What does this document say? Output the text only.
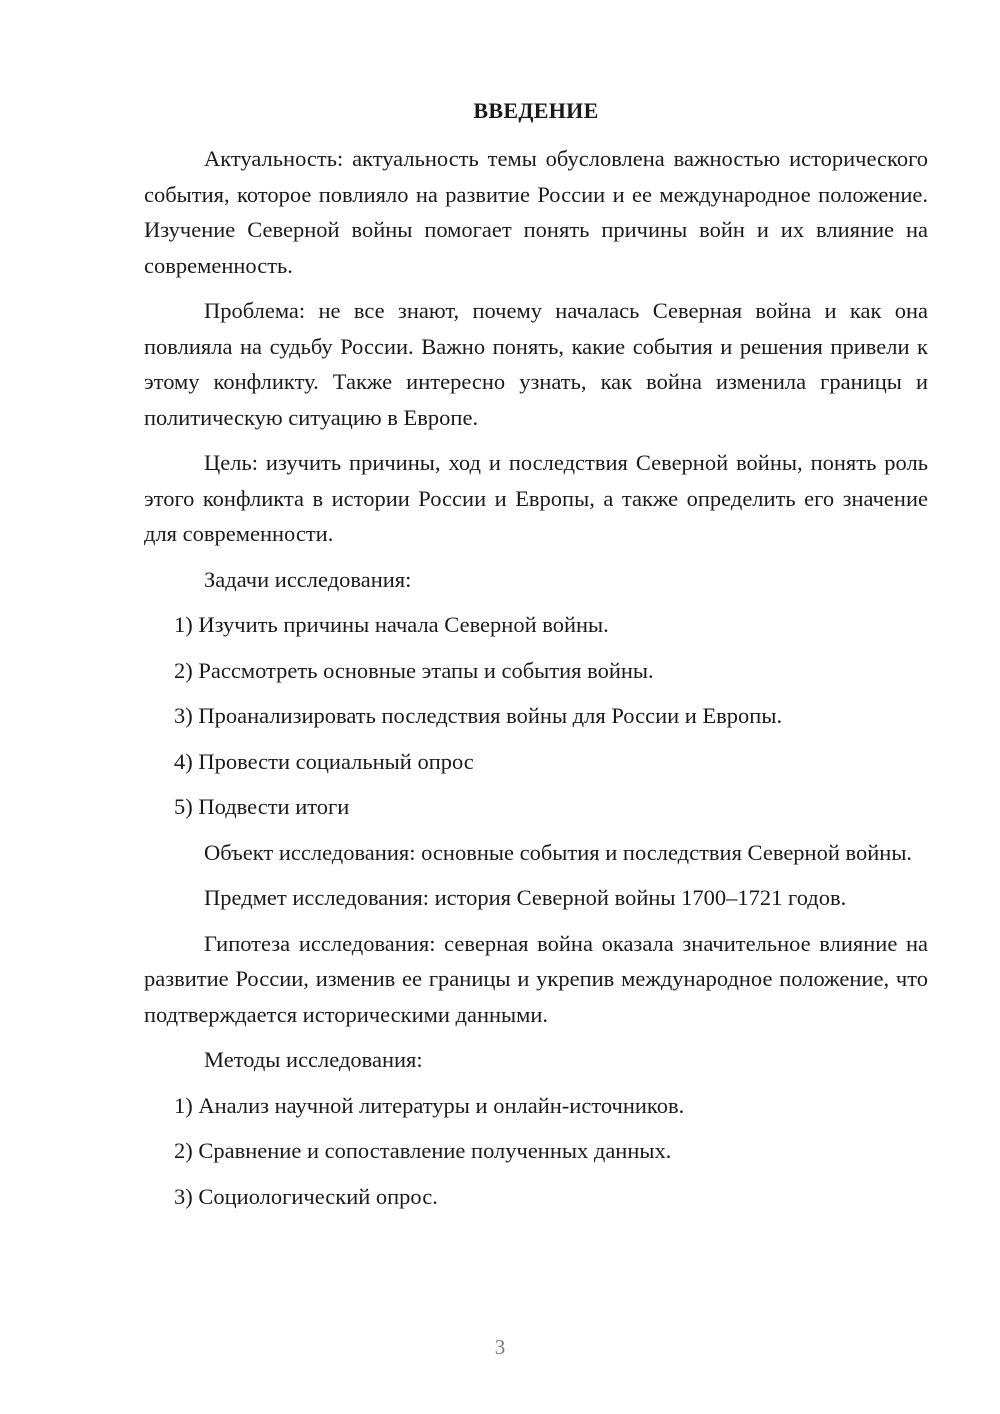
ВВЕДЕНИЕ

Актуальность: актуальность темы обусловлена важностью исторического события, которое повлияло на развитие России и ее международное положение. Изучение Северной войны помогает понять причины войн и их влияние на современность.

Проблема: не все знают, почему началась Северная война и как она повлияла на судьбу России. Важно понять, какие события и решения привели к этому конфликту. Также интересно узнать, как война изменила границы и политическую ситуацию в Европе.

Цель: изучить причины, ход и последствия Северной войны, понять роль этого конфликта в истории России и Европы, а также определить его значение для современности.

Задачи исследования:

1) Изучить причины начала Северной войны.
2) Рассмотреть основные этапы и события войны.
3) Проанализировать последствия войны для России и Европы.
4) Провести социальный опрос
5) Подвести итоги

Объект исследования: основные события и последствия Северной войны.

Предмет исследования: история Северной войны 1700–1721 годов.

Гипотеза исследования: северная война оказала значительное влияние на развитие России, изменив ее границы и укрепив международное положение, что подтверждается историческими данными.

Методы исследования:

1) Анализ научной литературы и онлайн-источников.
2) Сравнение и сопоставление полученных данных.
3) Социологический опрос.
3
